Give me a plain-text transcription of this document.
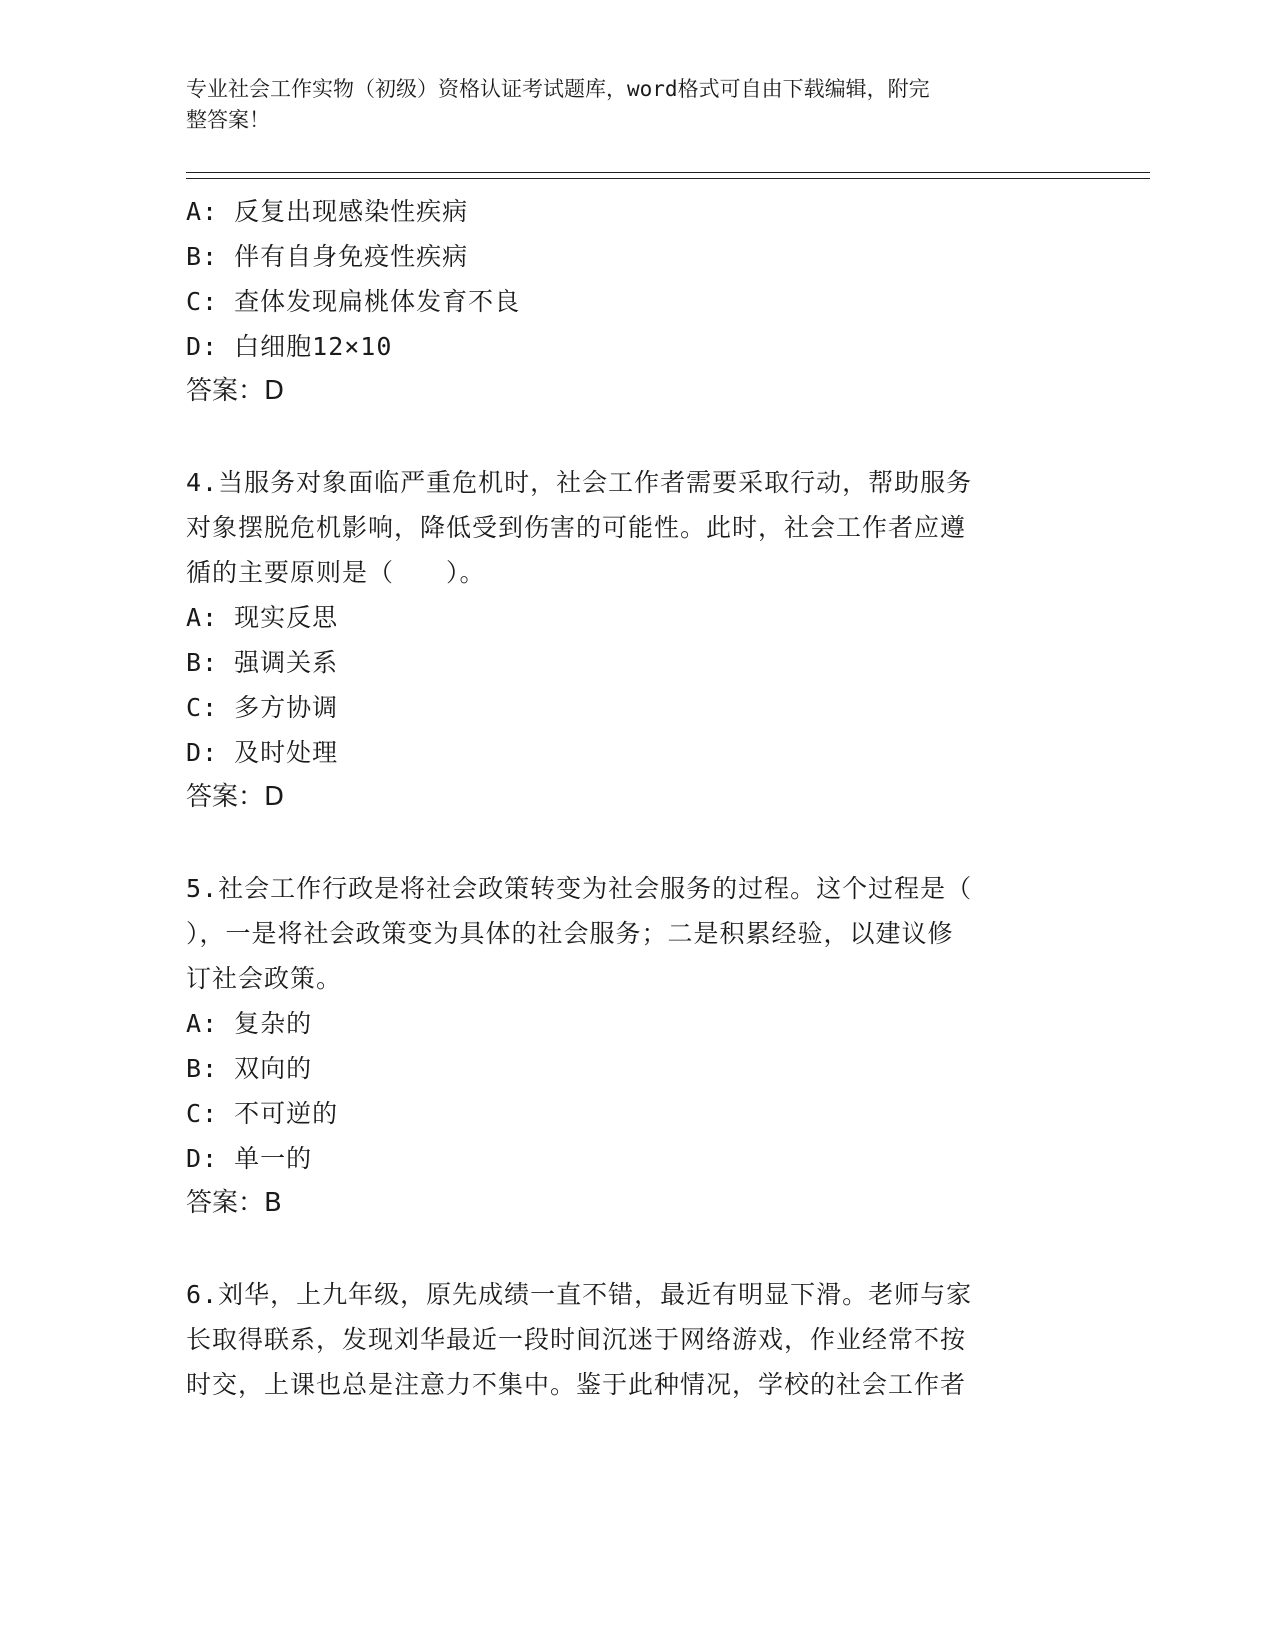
专业社会工作实物（初级）资格认证考试题库，word格式可自由下载编辑，附完
整答案！
A: 反复出现感染性疾病
B: 伴有自身免疫性疾病
C: 查体发现扁桃体发育不良
D: 白细胞12×10
答案：D
4.当服务对象面临严重危机时，社会工作者需要采取行动，帮助服务
对象摆脱危机影响，降低受到伤害的可能性。此时，社会工作者应遵
循的主要原则是（　　）。
A: 现实反思
B: 强调关系
C: 多方协调
D: 及时处理
答案：D
5.社会工作行政是将社会政策转变为社会服务的过程。这个过程是（
），一是将社会政策变为具体的社会服务；二是积累经验，以建议修
订社会政策。
A: 复杂的
B: 双向的
C: 不可逆的
D: 单一的
答案：B
6.刘华，上九年级，原先成绩一直不错，最近有明显下滑。老师与家
长取得联系，发现刘华最近一段时间沉迷于网络游戏，作业经常不按
时交，上课也总是注意力不集中。鉴于此种情况，学校的社会工作者
